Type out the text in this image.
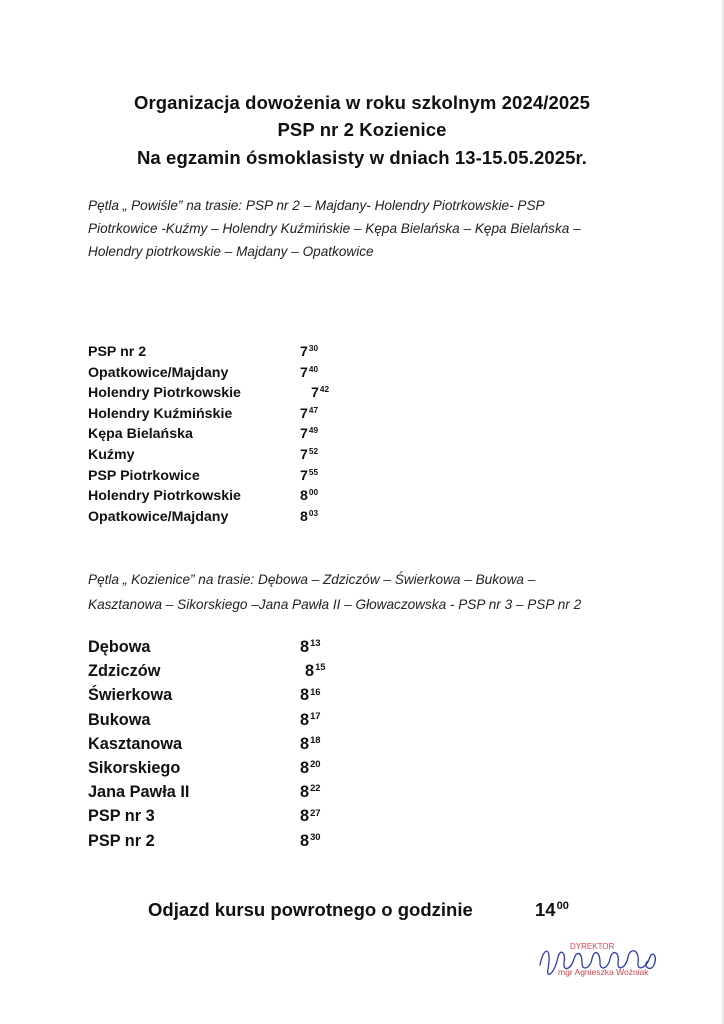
Organizacja dowożenia w roku szkolnym 2024/2025
PSP nr 2 Kozienice
Na egzamin ósmoklasisty w dniach 13-15.05.2025r.
Pętla „ Powiśle” na trasie: PSP nr 2 – Majdany- Holendry Piotrkowskie- PSP
Piotrkowice -Kuźmy – Holendry Kuźmińskie – Kępa Bielańska – Kępa Bielańska –
Holendry piotrkowskie – Majdany – Opatkowice
PSP nr 2	$7^{30}$
Opatkowice/Majdany	$7^{40}$
Holendry Piotrkowskie	$7^{42}$
Holendry Kuźmińskie	$7^{47}$
Kępa Bielańska	$7^{49}$
Kuźmy	$7^{52}$
PSP Piotrkowice	$7^{55}$
Holendry Piotrkowskie	$8^{00}$
Opatkowice/Majdany	$8^{03}$
Pętla „ Kozienice” na trasie: Dębowa – Zdziczów – Świerkowa – Bukowa –
Kasztanowa – Sikorskiego –Jana Pawła II – Głowaczowska - PSP nr 3 – PSP nr 2
Dębowa	$8^{13}$
Zdziczów	$8^{15}$
Świerkowa	$8^{16}$
Bukowa	$8^{17}$
Kasztanowa	$8^{18}$
Sikorskiego	$8^{20}$
Jana Pawła II	$8^{22}$
PSP nr 3	$8^{27}$
PSP nr 2	$8^{30}$
Odjazd kursu powrotnego o godzinie	$14^{00}$
DYREKTOR
mgr Agnieszka Woźniak
